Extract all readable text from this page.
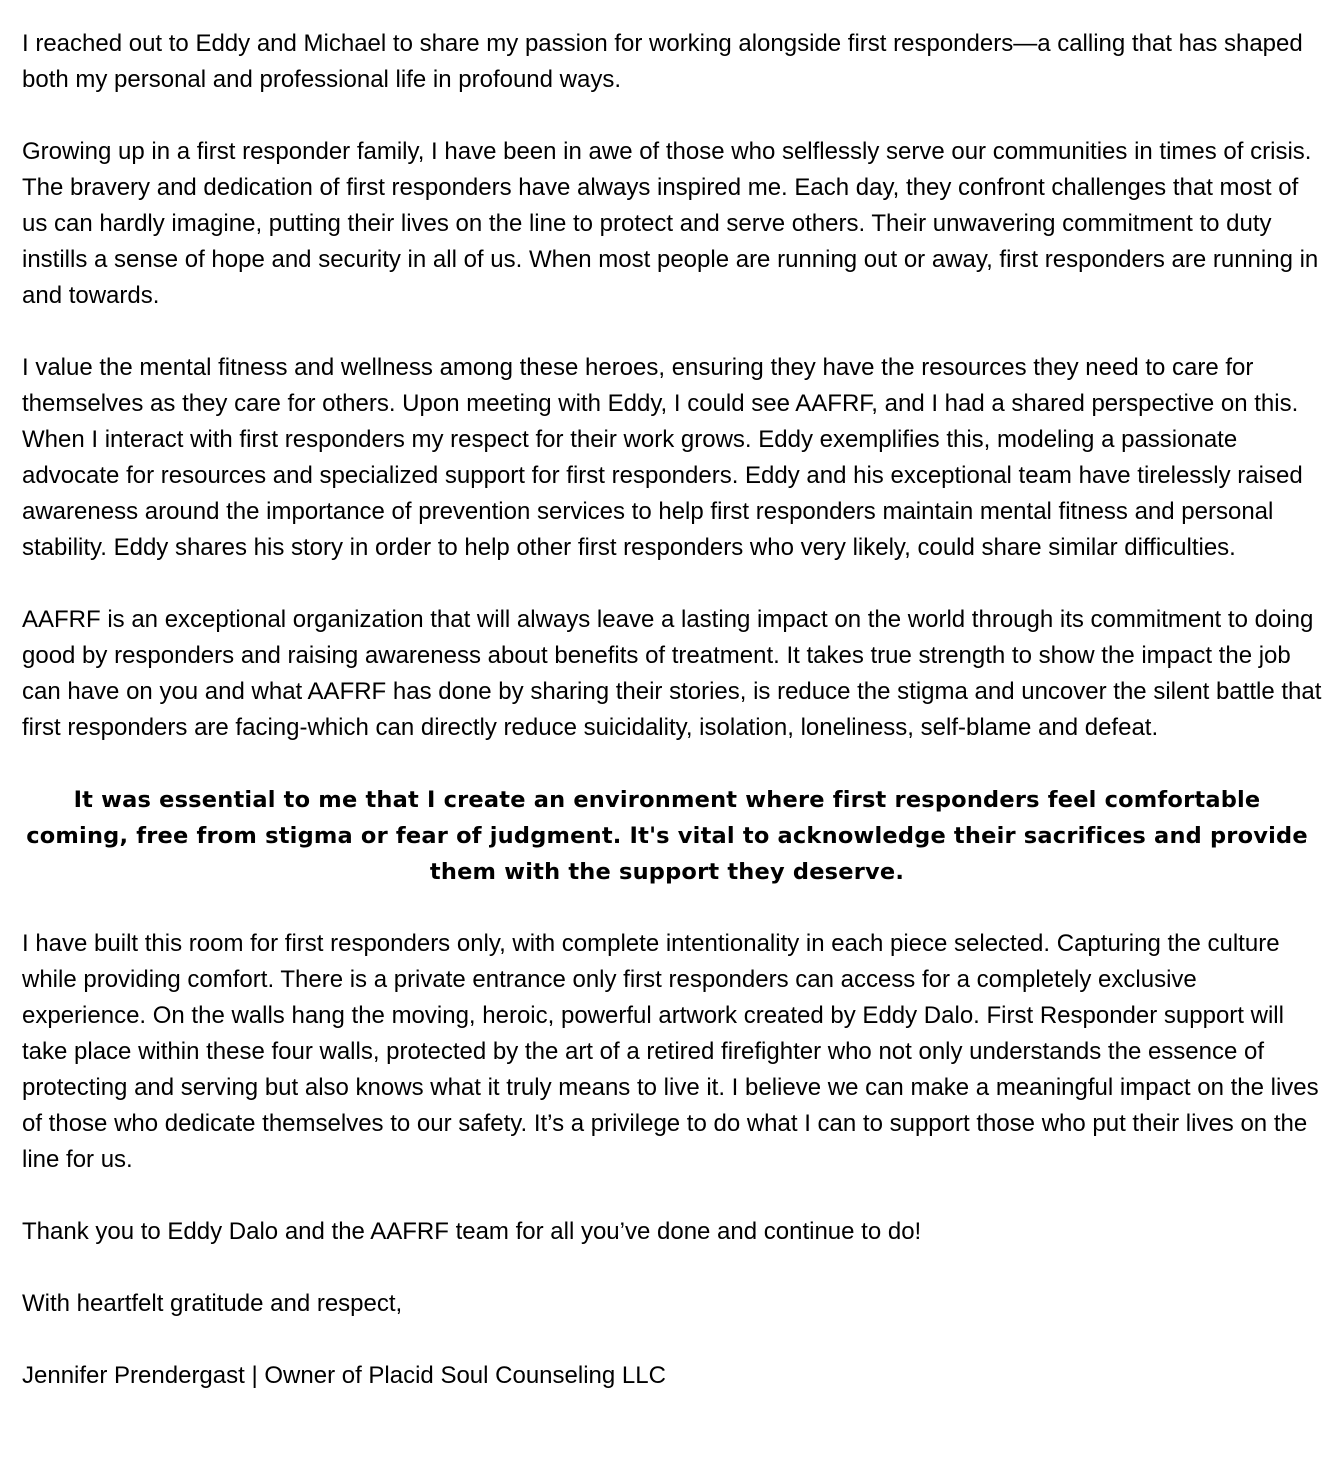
I reached out to Eddy and Michael to share my passion for working alongside first responders—a calling that has shaped both my personal and professional life in profound ways.

Growing up in a first responder family, I have been in awe of those who selflessly serve our communities in times of crisis. The bravery and dedication of first responders have always inspired me. Each day, they confront challenges that most of us can hardly imagine, putting their lives on the line to protect and serve others. Their unwavering commitment to duty instills a sense of hope and security in all of us. When most people are running out or away, first responders are running in and towards.

I value the mental fitness and wellness among these heroes, ensuring they have the resources they need to care for themselves as they care for others. Upon meeting with Eddy, I could see AAFRF, and I had a shared perspective on this. When I interact with first responders my respect for their work grows. Eddy exemplifies this, modeling a passionate advocate for resources and specialized support for first responders. Eddy and his exceptional team have tirelessly raised awareness around the importance of prevention services to help first responders maintain mental fitness and personal stability. Eddy shares his story in order to help other first responders who very likely, could share similar difficulties.

AAFRF is an exceptional organization that will always leave a lasting impact on the world through its commitment to doing good by responders and raising awareness about benefits of treatment. It takes true strength to show the impact the job can have on you and what AAFRF has done by sharing their stories, is reduce the stigma and uncover the silent battle that first responders are facing-which can directly reduce suicidality, isolation, loneliness, self-blame and defeat.

It was essential to me that I create an environment where first responders feel comfortable coming, free from stigma or fear of judgment. It's vital to acknowledge their sacrifices and provide them with the support they deserve.

I have built this room for first responders only, with complete intentionality in each piece selected. Capturing the culture while providing comfort. There is a private entrance only first responders can access for a completely exclusive experience. On the walls hang the moving, heroic, powerful artwork created by Eddy Dalo. First Responder support will take place within these four walls, protected by the art of a retired firefighter who not only understands the essence of protecting and serving but also knows what it truly means to live it. I believe we can make a meaningful impact on the lives of those who dedicate themselves to our safety. It’s a privilege to do what I can to support those who put their lives on the line for us.

Thank you to Eddy Dalo and the AAFRF team for all you’ve done and continue to do!

With heartfelt gratitude and respect,

Jennifer Prendergast | Owner of Placid Soul Counseling LLC
